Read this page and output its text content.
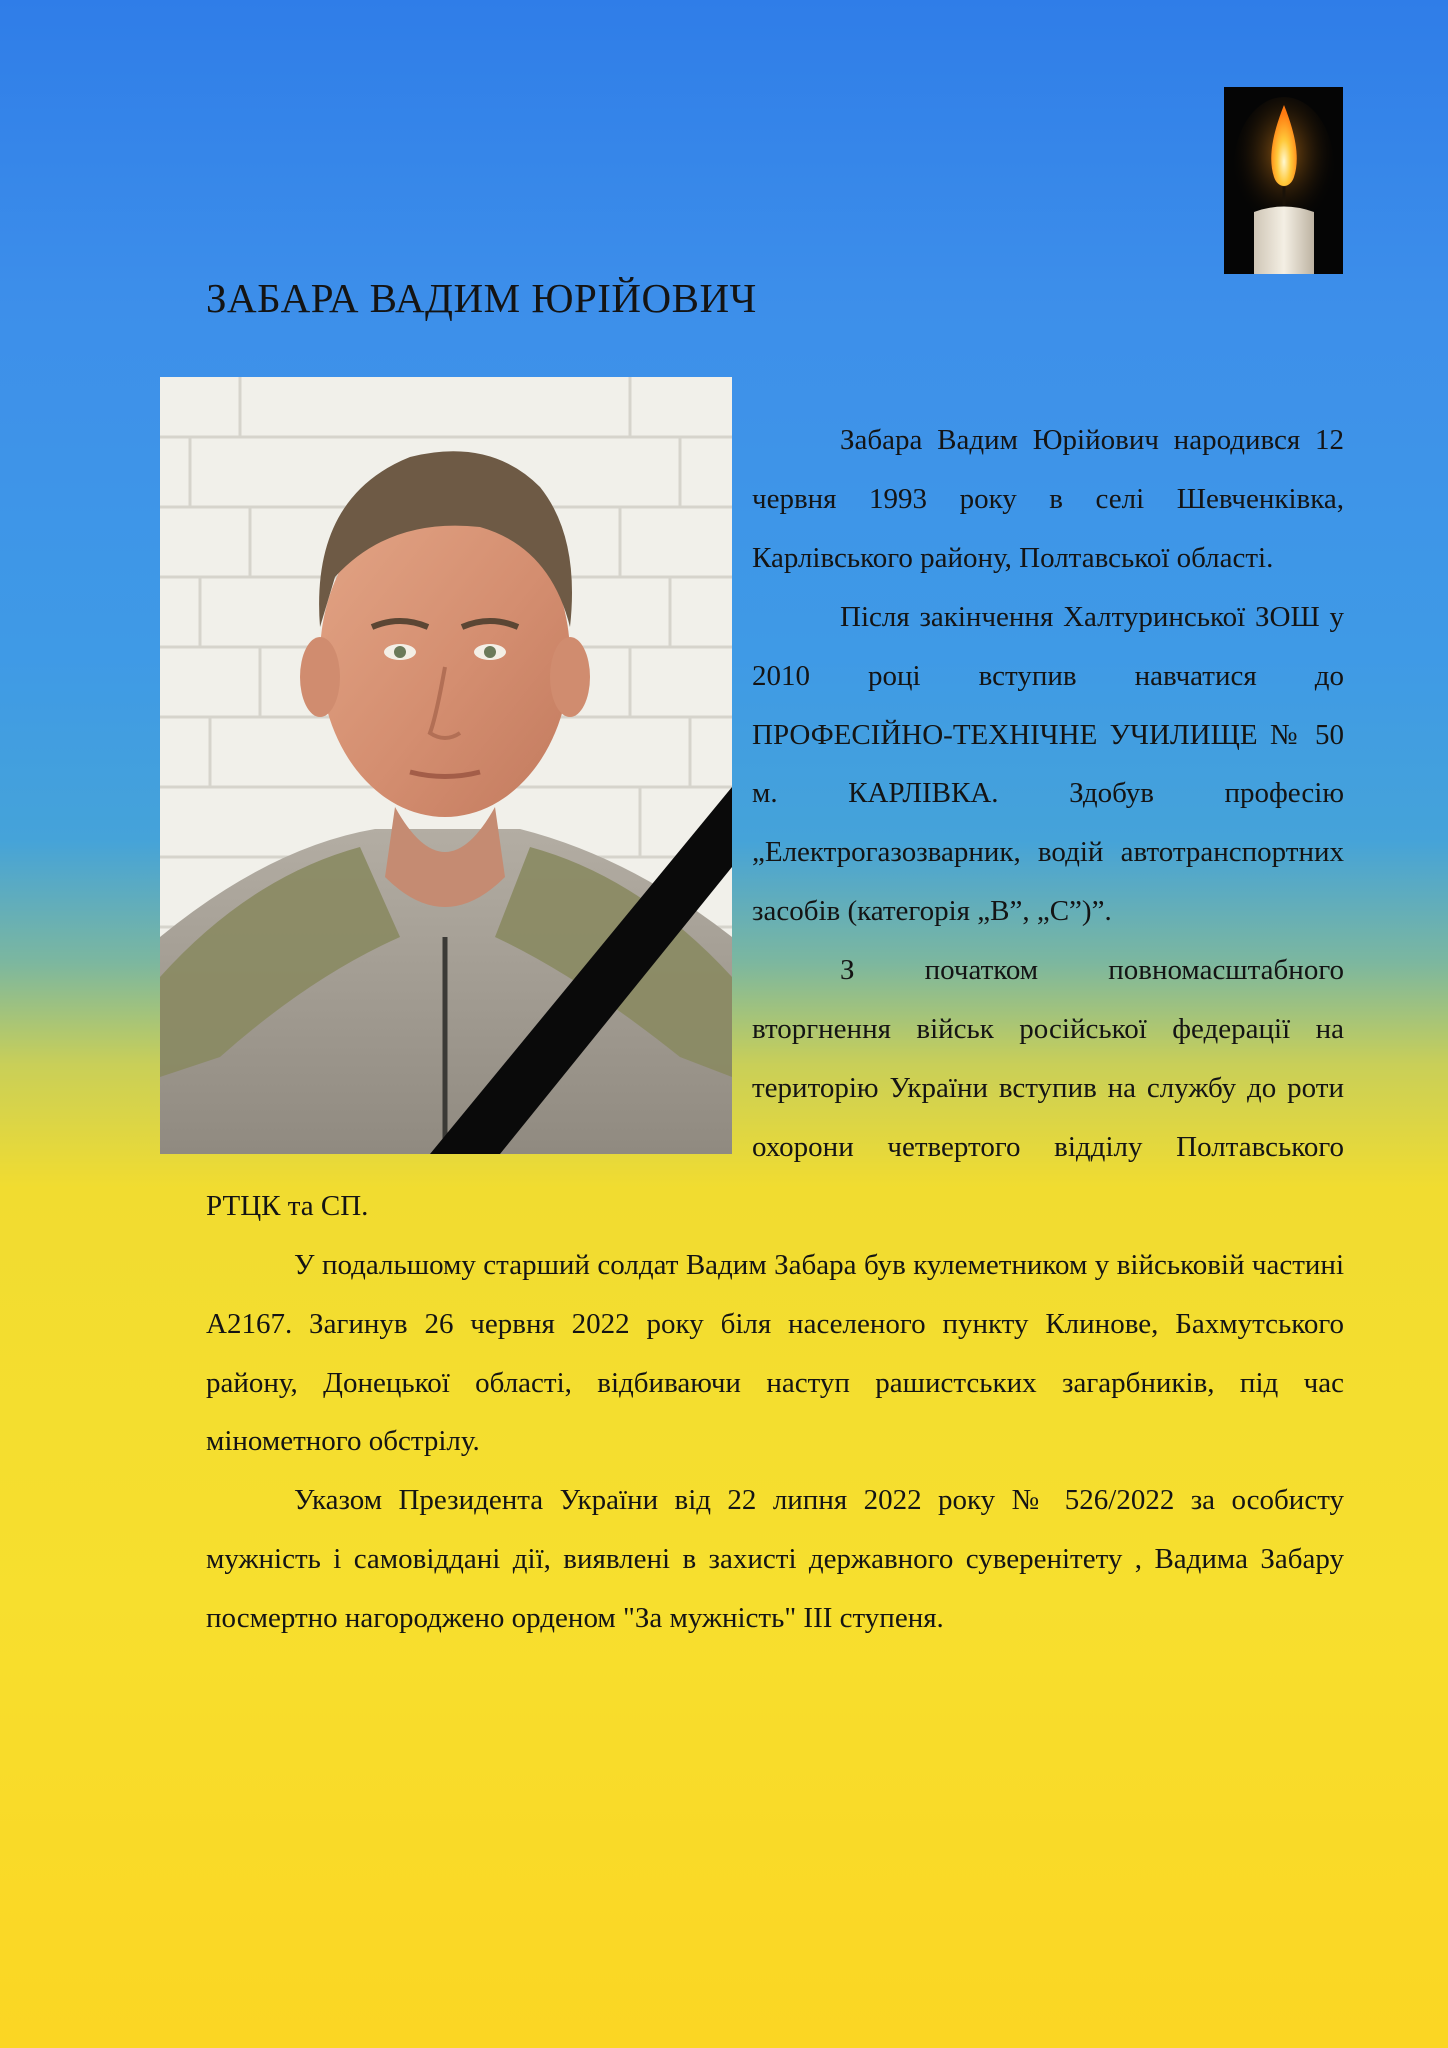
ЗАБАРА ВАДИМ ЮРІЙОВИЧ

Забара Вадим Юрійович народився 12 червня 1993 року в селі Шевченківка, Карлівського району, Полтавської області.

Після закінчення Халтуринської ЗОШ у 2010 році вступив навчатися до ПРОФЕСІЙНО-ТЕХНІЧНЕ УЧИЛИЩЕ № 50 м. КАРЛІВКА. Здобув професію „Електрогазозварник, водій автотранспортних засобів (категорія „В”, „С”)”.

З початком повномасштабного вторгнення військ російської федерації на територію України вступив на службу до роти охорони четвертого відділу Полтавського РТЦК та СП.

У подальшому старший солдат Вадим Забара був кулеметником у військовій частині А2167. Загинув 26 червня 2022 року біля населеного пункту Клинове, Бахмутського району, Донецької області, відбиваючи наступ рашистських загарбників, під час мінометного обстрілу.

Указом Президента України від 22 липня 2022 року № 526/2022 за особисту мужність і самовіддані дії, виявлені в захисті державного суверенітету , Вадима Забару посмертно нагороджено орденом "За мужність" ІІІ ступеня.
